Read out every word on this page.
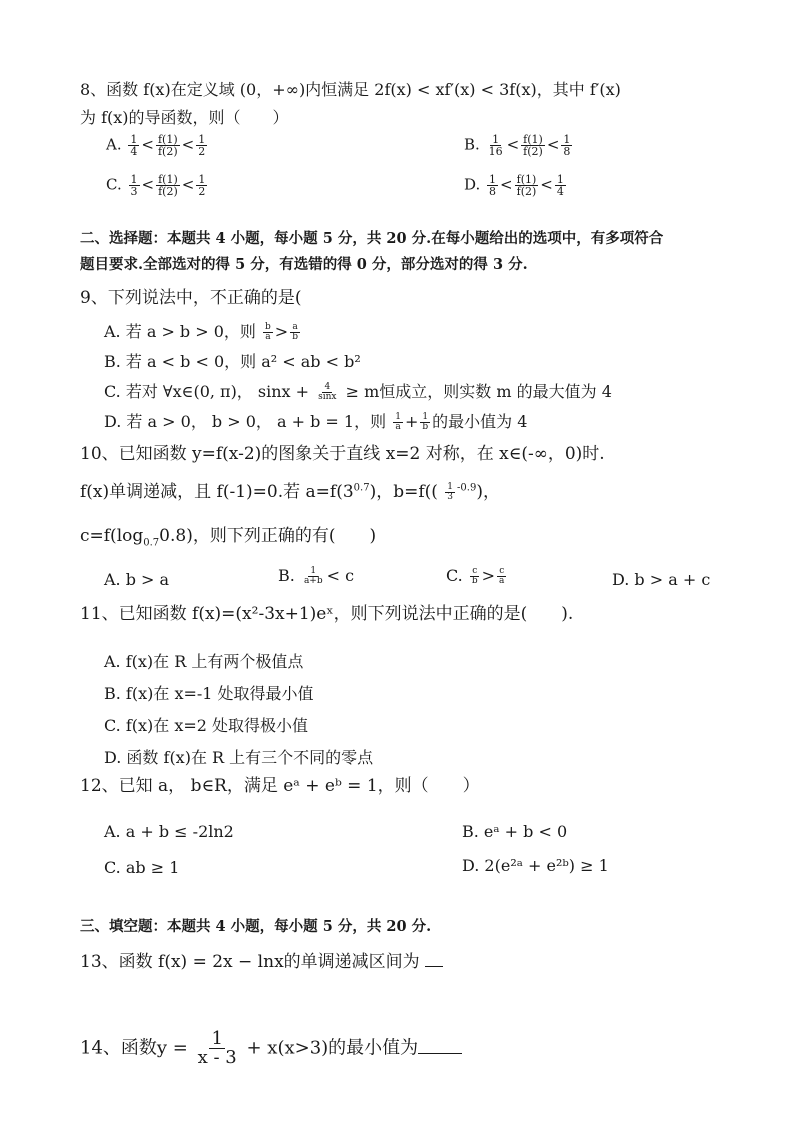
8、函数 f(x)在定义域 (0，+∞)内恒满足 2f(x) < xf′(x) < 3f(x)，其中 f′(x)
为 f(x)的导函数，则（　　）
A. $\frac{1}{4} < \frac{f(1)}{f(2)} < \frac{1}{2}$	B. $\frac{1}{16} < \frac{f(1)}{f(2)} < \frac{1}{8}$
C. $\frac{1}{3} < \frac{f(1)}{f(2)} < \frac{1}{2}$	D. $\frac{1}{8} < \frac{f(1)}{f(2)} < \frac{1}{4}$
二、选择题：本题共 4 小题，每小题 5 分，共 20 分.在每小题给出的选项中，有多项符合
题目要求.全部选对的得 5 分，有选错的得 0 分，部分选对的得 3 分.
9、下列说法中，不正确的是(
A. 若 a > b > 0，则 $\frac{b}{a} > \frac{a}{b}$
B. 若 a < b < 0，则 a² < ab < b²
C. 若对 ∀x∈(0, π)， $\sin x + \frac{4}{\sin x} \ge m$恒成立，则实数 m 的最大值为 4
D. 若 a > 0， b > 0， a + b = 1，则 $\frac{1}{a} + \frac{1}{b}$ 的最小值为 4
10、已知函数 y=f(x-2)的图象关于直线 x=2 对称，在 x∈(-∞，0)时.
f(x)单调递减，且 f(-1)=0.若 $a=f(3^{0.7})$，$b=f(( \frac{1}{3} ^{-0.9})$，
$c=f(\log_{0.7}0.8)$，则下列正确的有(　　)
A. b > a	B. $\frac{1}{a+b} < c$	C. $\frac{c}{b} > \frac{c}{a}$	D. b > a + c
11、已知函数 f(x)=(x²-3x+1)eˣ，则下列说法中正确的是(　　).
A. f(x)在 R 上有两个极值点
B. f(x)在 x=-1 处取得最小值
C. f(x)在 x=2 处取得极小值
D. 函数 f(x)在 R 上有三个不同的零点
12、已知 a， b∈R，满足 eᵃ + eᵇ = 1，则（　　）
A. a + b ≤ -2ln2	B. eᵃ + b < 0
C. ab ≥ 1	D. 2(e²ᵃ + e²ᵇ) ≥ 1
三、填空题：本题共 4 小题，每小题 5 分，共 20 分.
13、函数 f(x) = 2x − lnx的单调递减区间为
14、函数$y = \frac{1}{x - 3} + x(x>3)$的最小值为
